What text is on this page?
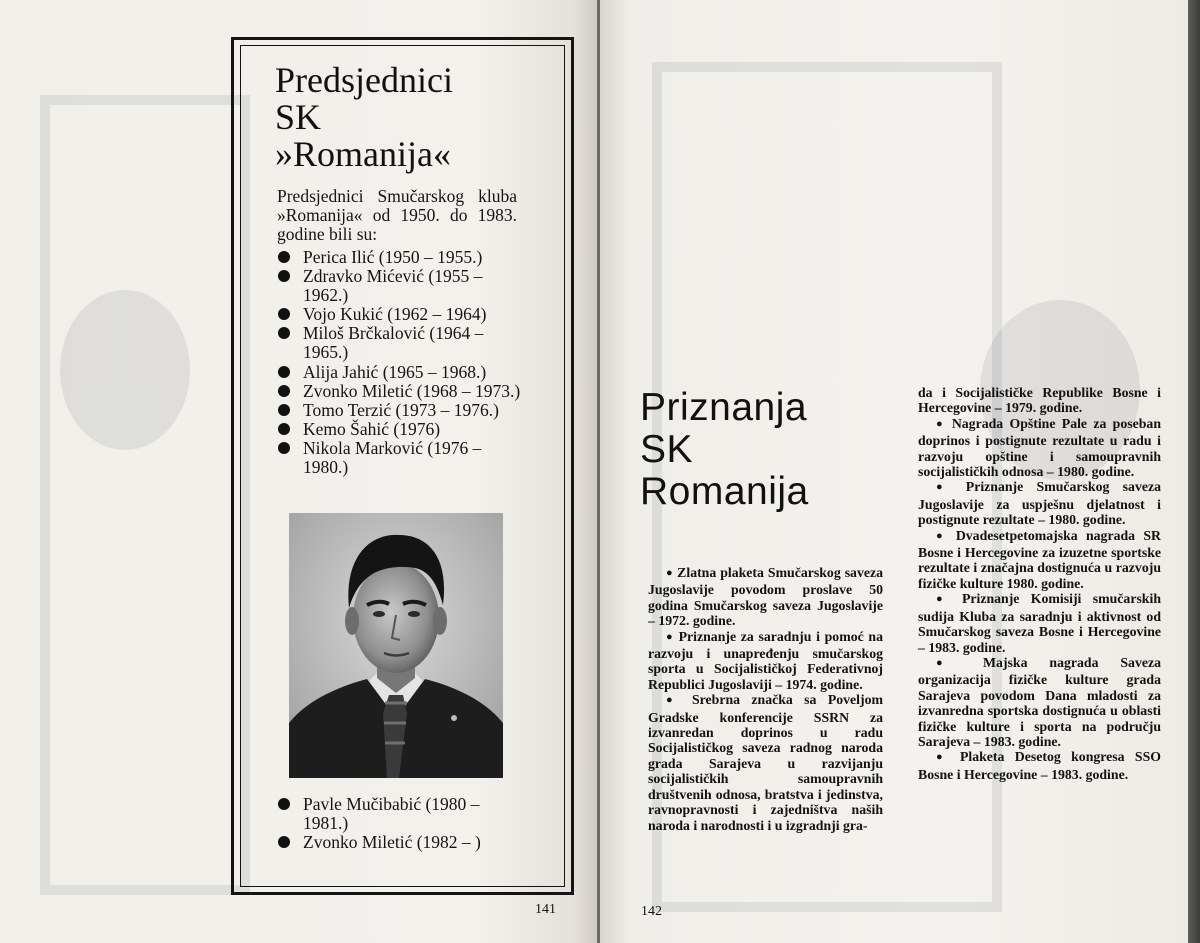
Predsjednici
SK
»Romanija«

Predsjednici Smučarskog kluba »Romanija« od 1950. do 1983. godine bili su:

Perica Ilić (1950 – 1955.)
Zdravko Mićević (1955 – 1962.)
Vojo Kukić (1962 – 1964)
Miloš Brčkalović (1964 – 1965.)
Alija Jahić (1965 – 1968.)
Zvonko Miletić (1968 – 1973.)
Tomo Terzić (1973 – 1976.)
Kemo Šahić (1976)
Nikola Marković (1976 – 1980.)
Pavle Mučibabić (1980 – 1981.)
Zvonko Miletić (1982 – )
141
Priznanja
SK
Romanija

● Zlatna plaketa Smučarskog saveza Jugoslavije povodom proslave 50 godina Smučarskog saveza Jugoslavije – 1972. godine.

● Priznanje za saradnju i pomoć na razvoju i unapređenju smučarskog sporta u Socijalističkoj Federativnoj Republici Jugoslaviji – 1974. godine.

● Srebrna značka sa Poveljom Gradske konferencije SSRN za izvanredan doprinos u radu Socijalističkog saveza radnog naroda grada Sarajeva u razvijanju socijalističkih samoupravnih društvenih odnosa, bratstva i jedinstva, ravnopravnosti i zajedništva naših naroda i narodnosti i u izgradnji gra-

da i Socijalističke Republike Bosne i Hercegovine – 1979. godine.

● Nagrada Opštine Pale za poseban doprinos i postignute rezultate u radu i razvoju opštine i samoupravnih socijalističkih odnosa – 1980. godine.

● Priznanje Smučarskog saveza Jugoslavije za uspješnu djelatnost i postignute rezultate – 1980. godine.

● Dvadesetpetomajska nagrada SR Bosne i Hercegovine za izuzetne sportske rezultate i značajna dostignuća u razvoju fizičke kulture 1980. godine.

● Priznanje Komisiji smučarskih sudija Kluba za saradnju i aktivnost od Smučarskog saveza Bosne i Hercegovine – 1983. godine.

● Majska nagrada Saveza organizacija fizičke kulture grada Sarajeva povodom Dana mladosti za izvanredna sportska dostignuća u oblasti fizičke kulture i sporta na području Sarajeva – 1983. godine.

● Plaketa Desetog kongresa SSO Bosne i Hercegovine – 1983. godine.

142
